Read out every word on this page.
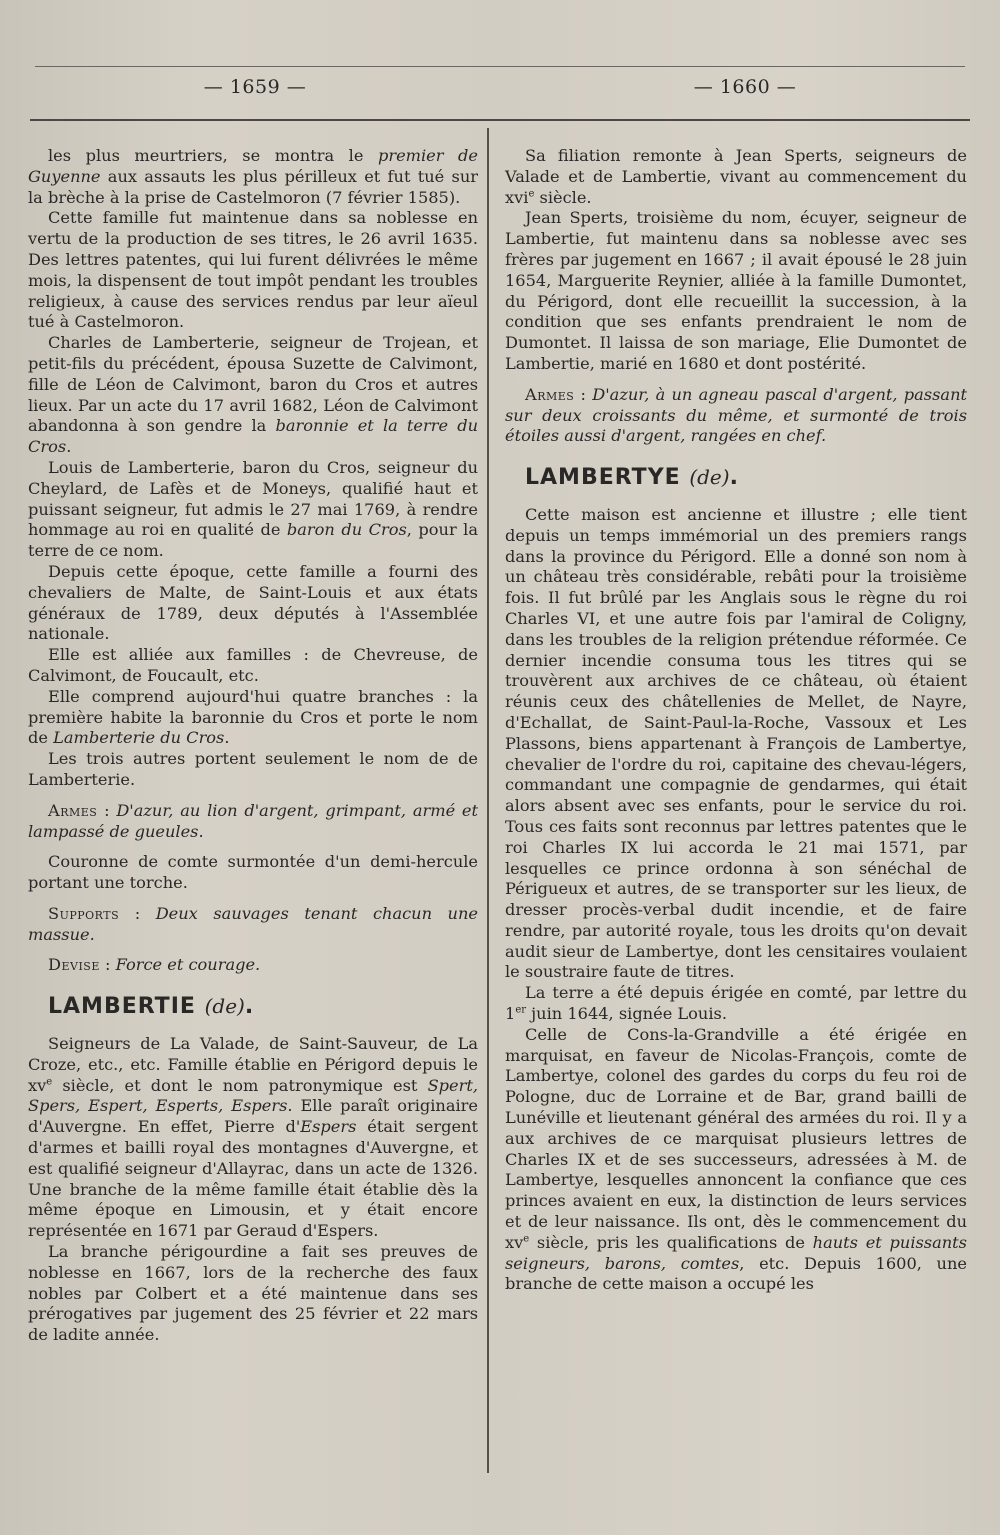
— 1659 —	— 1660 —

les plus meurtriers, se montra le premier de Guyenne aux assauts les plus périlleux et fut tué sur la brèche à la prise de Castelmoron (7 février 1585).

Cette famille fut maintenue dans sa noblesse en vertu de la production de ses titres, le 26 avril 1635. Des lettres patentes, qui lui furent délivrées le même mois, la dispensent de tout impôt pendant les troubles religieux, à cause des services rendus par leur aïeul tué à Castelmoron.

Charles de Lamberterie, seigneur de Trojean, et petit-fils du précédent, épousa Suzette de Calvimont, fille de Léon de Calvimont, baron du Cros et autres lieux. Par un acte du 17 avril 1682, Léon de Calvimont abandonna à son gendre la baronnie et la terre du Cros.

Louis de Lamberterie, baron du Cros, seigneur du Cheylard, de Lafès et de Moneys, qualifié haut et puissant seigneur, fut admis le 27 mai 1769, à rendre hommage au roi en qualité de baron du Cros, pour la terre de ce nom.

Depuis cette époque, cette famille a fourni des chevaliers de Malte, de Saint-Louis et aux états généraux de 1789, deux députés à l'Assemblée nationale.

Elle est alliée aux familles : de Chevreuse, de Calvimont, de Foucault, etc.

Elle comprend aujourd'hui quatre branches : la première habite la baronnie du Cros et porte le nom de Lamberterie du Cros.

Les trois autres portent seulement le nom de de Lamberterie.

Armes : D'azur, au lion d'argent, grimpant, armé et lampassé de gueules.

Couronne de comte surmontée d'un demi-hercule portant une torche.

Supports : Deux sauvages tenant chacun une massue.

Devise : Force et courage.

LAMBERTIE (de).

Seigneurs de La Valade, de Saint-Sauveur, de La Croze, etc., etc. Famille établie en Périgord depuis le $xv^e$ siècle, et dont le nom patronymique est Spert, Spers, Espert, Esperts, Espers. Elle paraît originaire d'Auvergne. En effet, Pierre d'Espers était sergent d'armes et bailli royal des montagnes d'Auvergne, et est qualifié seigneur d'Allayrac, dans un acte de 1326. Une branche de la même famille était établie dès la même époque en Limousin, et y était encore représentée en 1671 par Geraud d'Espers.

La branche périgourdine a fait ses preuves de noblesse en 1667, lors de la recherche des faux nobles par Colbert et a été maintenue dans ses prérogatives par jugement des 25 février et 22 mars de ladite année.

Sa filiation remonte à Jean Sperts, seigneurs de Valade et de Lambertie, vivant au commencement du xvi$^e$ siècle.

Jean Sperts, troisième du nom, écuyer, seigneur de Lambertie, fut maintenu dans sa noblesse avec ses frères par jugement en 1667 ; il avait épousé le 28 juin 1654, Marguerite Reynier, alliée à la famille Dumontet, du Périgord, dont elle recueillit la succession, à la condition que ses enfants prendraient le nom de Dumontet. Il laissa de son mariage, Elie Dumontet de Lambertie, marié en 1680 et dont postérité.

Armes : D'azur, à un agneau pascal d'argent, passant sur deux croissants du même, et surmonté de trois étoiles aussi d'argent, rangées en chef.

LAMBERTYE (de).

Cette maison est ancienne et illustre ; elle tient depuis un temps immémorial un des premiers rangs dans la province du Périgord. Elle a donné son nom à un château très considérable, rebâti pour la troisième fois. Il fut brûlé par les Anglais sous le règne du roi Charles VI, et une autre fois par l'amiral de Coligny, dans les troubles de la religion prétendue réformée. Ce dernier incendie consuma tous les titres qui se trouvèrent aux archives de ce château, où étaient réunis ceux des châtellenies de Mellet, de Nayre, d'Echallat, de Saint-Paul-la-Roche, Vassoux et Les Plassons, biens appartenant à François de Lambertye, chevalier de l'ordre du roi, capitaine des chevau-légers, commandant une compagnie de gendarmes, qui était alors absent avec ses enfants, pour le service du roi. Tous ces faits sont reconnus par lettres patentes que le roi Charles IX lui accorda le 21 mai 1571, par lesquelles ce prince ordonna à son sénéchal de Périgueux et autres, de se transporter sur les lieux, de dresser procès-verbal dudit incendie, et de faire rendre, par autorité royale, tous les droits qu'on devait audit sieur de Lambertye, dont les censitaires voulaient le soustraire faute de titres.

La terre a été depuis érigée en comté, par lettre du 1er juin 1644, signée Louis.

Celle de Cons-la-Grandville a été érigée en marquisat, en faveur de Nicolas-François, comte de Lambertye, colonel des gardes du corps du feu roi de Pologne, duc de Lorraine et de Bar, grand bailli de Lunéville et lieutenant général des armées du roi. Il y a aux archives de ce marquisat plusieurs lettres de Charles IX et de ses successeurs, adressées à M. de Lambertye, lesquelles annoncent la confiance que ces princes avaient en eux, la distinction de leurs services et de leur naissance. Ils ont, dès le commencement du $xv^e$ siècle, pris les qualifications de hauts et puissants seigneurs, barons, comtes, etc. Depuis 1600, une branche de cette maison a occupé les
